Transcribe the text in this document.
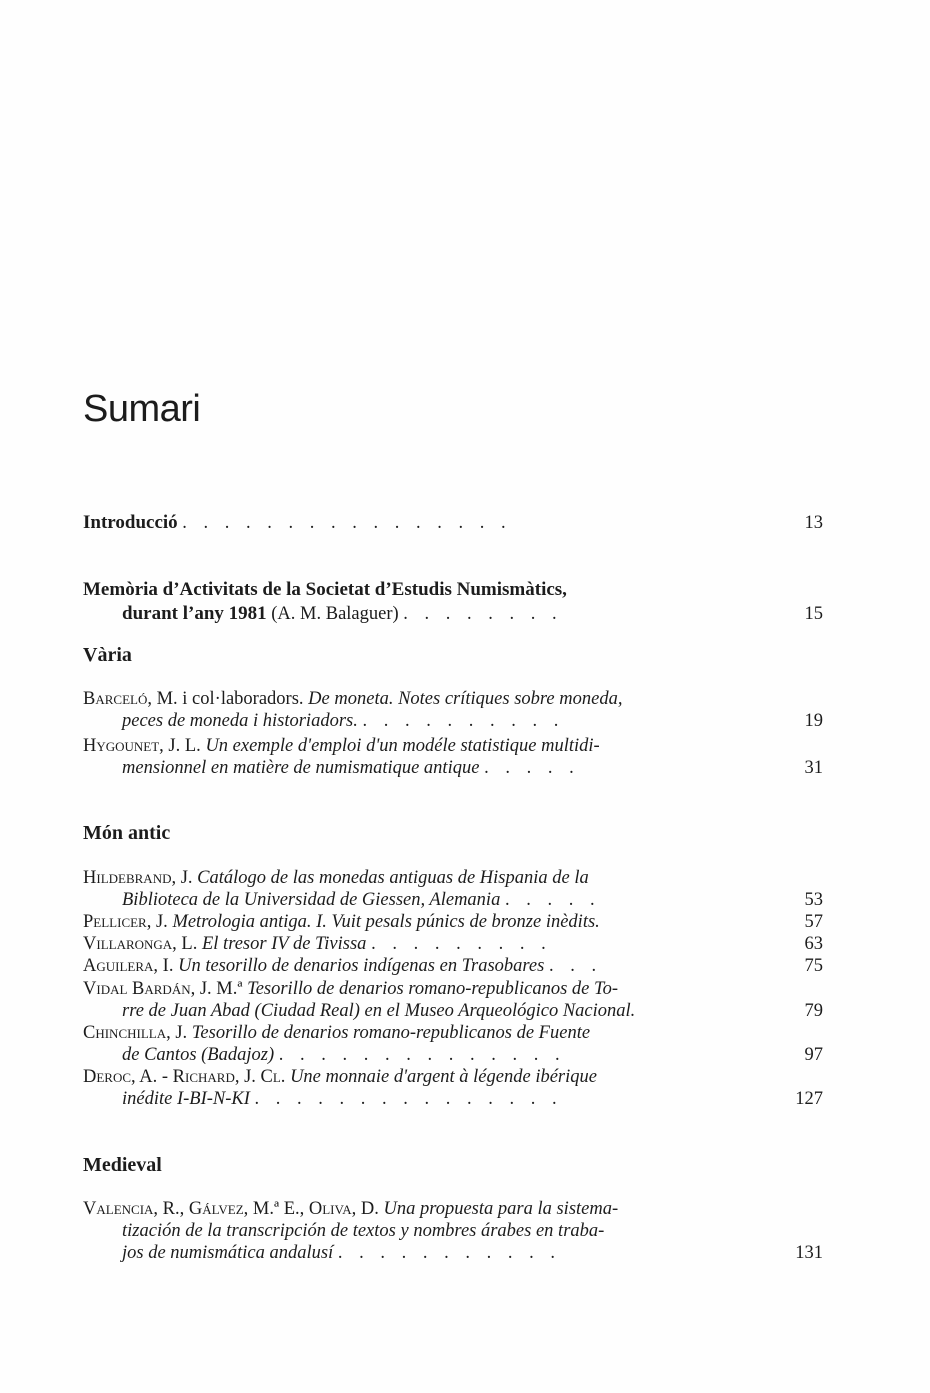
Sumari
Introducció . . . . . . . . . . . . . . . .	13
Memòria d’Activitats de la Societat d’Estudis Numismàtics,
durant l’any 1981 (A. M. Balaguer) . . . . . . . .	15
Vària
Barceló, M. i col·laboradors. De moneta. Notes crítiques sobre moneda,
peces de moneda i historiadors. . . . . . . . . . .	19
Hygounet, J. L. Un exemple d'emploi d'un modéle statistique multidi-
mensionnel en matière de numismatique antique . . . . .	31
Món antic
Hildebrand, J. Catálogo de las monedas antiguas de Hispania de la
Biblioteca de la Universidad de Giessen, Alemania . . . . .	53
Pellicer, J. Metrologia antiga. I. Vuit pesals púnics de bronze inèdits.	57
Villaronga, L. El tresor IV de Tivissa . . . . . . . . .	63
Aguilera, I. Un tesorillo de denarios indígenas en Trasobares . . .	75
Vidal Bardán, J. M.ª Tesorillo de denarios romano-republicanos de To-
rre de Juan Abad (Ciudad Real) en el Museo Arqueológico Nacional.	79
Chinchilla, J. Tesorillo de denarios romano-republicanos de Fuente
de Cantos (Badajoz) . . . . . . . . . . . . . .	97
Deroc, A. - Richard, J. Cl. Une monnaie d'argent à légende ibérique
inédite I-BI-N-KI . . . . . . . . . . . . . . .	127
Medieval
Valencia, R., Gálvez, M.ª E., Oliva, D. Una propuesta para la sistema-
tización de la transcripción de textos y nombres árabes en traba-
jos de numismática andalusí . . . . . . . . . . .	131
